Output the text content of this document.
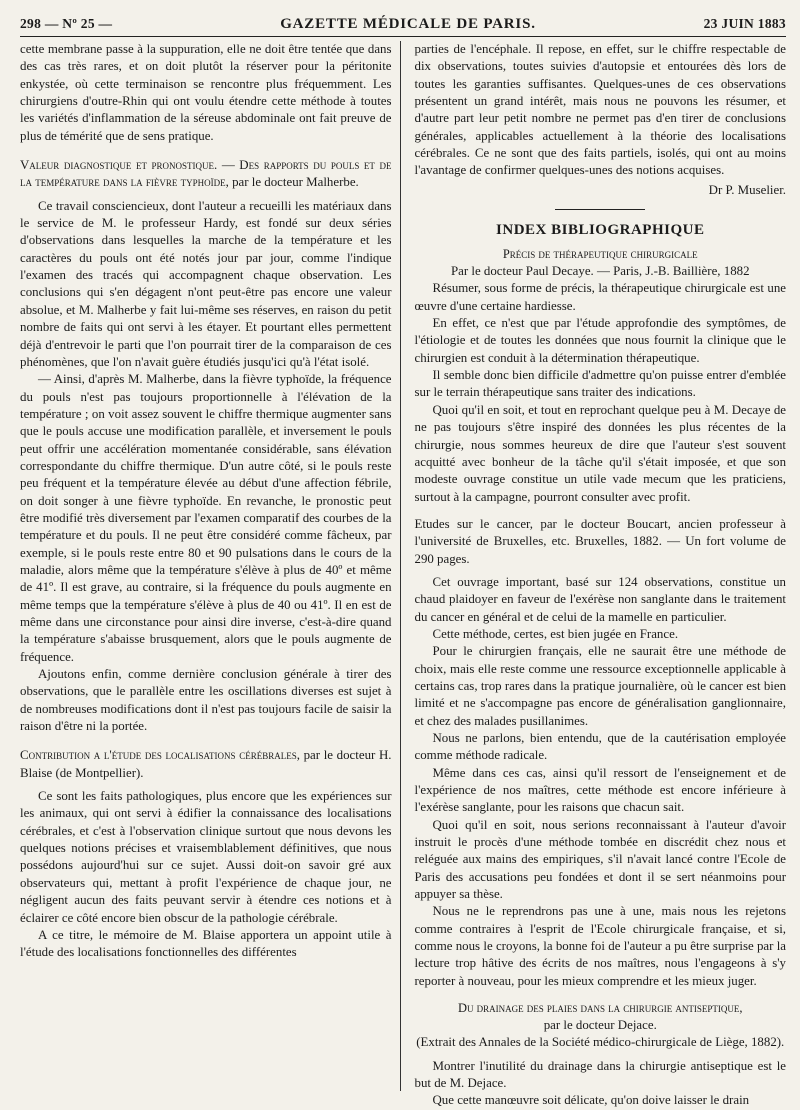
298 — Nº 25 —	GAZETTE MÉDICALE DE PARIS.	23 JUIN 1883

cette membrane passe à la suppuration, elle ne doit être tentée que dans des cas très rares, et on doit plutôt la réserver pour la péritonite enkystée, où cette terminaison se rencontre plus fréquemment. Les chirurgiens d'outre-Rhin qui ont voulu étendre cette méthode à toutes les variétés d'inflammation de la séreuse abdominale ont fait preuve de plus de témérité que de sens pratique.

Valeur diagnostique et pronostique. — Des rapports du pouls et de la température dans la fièvre typhoïde, par le docteur Malherbe.

Ce travail consciencieux, dont l'auteur a recueilli les matériaux dans le service de M. le professeur Hardy, est fondé sur deux séries d'observations dans lesquelles la marche de la température et les caractères du pouls ont été notés jour par jour, comme l'indique l'examen des tracés qui accompagnent chaque observation. Les conclusions qui s'en dégagent n'ont peut-être pas encore une valeur absolue, et M. Malherbe y fait lui-même ses réserves, en raison du petit nombre de faits qui ont servi à les étayer. Et pourtant elles permettent déjà d'entrevoir le parti que l'on pourrait tirer de la comparaison de ces phénomènes, que l'on n'avait guère étudiés jusqu'ici qu'à l'état isolé.

— Ainsi, d'après M. Malherbe, dans la fièvre typhoïde, la fréquence du pouls n'est pas toujours proportionnelle à l'élévation de la température ; on voit assez souvent le chiffre thermique augmenter sans que le pouls accuse une modification parallèle, et inversement le pouls peut offrir une accélération momentanée considérable, sans élévation correspondante du chiffre thermique. D'un autre côté, si le pouls reste peu fréquent et la température élevée au début d'une affection fébrile, on doit songer à une fièvre typhoïde. En revanche, le pronostic peut être modifié très diversement par l'examen comparatif des courbes de la température et du pouls. Il ne peut être considéré comme fâcheux, par exemple, si le pouls reste entre 80 et 90 pulsations dans le cours de la maladie, alors même que la température s'élève à plus de 40º et même de 41º. Il est grave, au contraire, si la fréquence du pouls augmente en même temps que la température s'élève à plus de 40 ou 41º. Il en est de même dans une circonstance pour ainsi dire inverse, c'est-à-dire quand la température s'abaisse brusquement, alors que le pouls augmente de fréquence.

Ajoutons enfin, comme dernière conclusion générale à tirer des observations, que le parallèle entre les oscillations diverses est sujet à de nombreuses modifications dont il n'est pas toujours facile de saisir la raison d'être ni la portée.

Contribution a l'étude des localisations cérébrales, par le docteur H. Blaise (de Montpellier).

Ce sont les faits pathologiques, plus encore que les expériences sur les animaux, qui ont servi à édifier la connaissance des localisations cérébrales, et c'est à l'observation clinique surtout que nous devons les quelques notions précises et vraisemblablement définitives, que nous possédons aujourd'hui sur ce sujet. Aussi doit-on savoir gré aux observateurs qui, mettant à profit l'expérience de chaque jour, ne négligent aucun des faits peuvant servir à étendre ces notions et à éclairer ce côté encore bien obscur de la pathologie cérébrale.

A ce titre, le mémoire de M. Blaise apportera un appoint utile à l'étude des localisations fonctionnelles des différentes

parties de l'encéphale. Il repose, en effet, sur le chiffre respectable de dix observations, toutes suivies d'autopsie et entourées dès lors de toutes les garanties suffisantes. Quelques-unes de ces observations présentent un grand intérêt, mais nous ne pouvons les résumer, et d'autre part leur petit nombre ne permet pas d'en tirer de conclusions générales, applicables actuellement à la théorie des localisations cérébrales. Ce ne sont que des faits partiels, isolés, qui ont au moins l'avantage de confirmer quelques-unes des notions acquises.

Dr P. Muselier.

INDEX BIBLIOGRAPHIQUE

Précis de thérapeutique chirurgicale

Par le docteur Paul Decaye. — Paris, J.-B. Baillière, 1882

Résumer, sous forme de précis, la thérapeutique chirurgicale est une œuvre d'une certaine hardiesse.

En effet, ce n'est que par l'étude approfondie des symptômes, de l'étiologie et de toutes les données que nous fournit la clinique que le chirurgien est conduit à la détermination thérapeutique.

Il semble donc bien difficile d'admettre qu'on puisse entrer d'emblée sur le terrain thérapeutique sans traiter des indications.

Quoi qu'il en soit, et tout en reprochant quelque peu à M. Decaye de ne pas toujours s'être inspiré des données les plus récentes de la chirurgie, nous sommes heureux de dire que l'auteur s'est souvent acquitté avec bonheur de la tâche qu'il s'était imposée, et que son modeste ouvrage constitue un utile vade mecum que les praticiens, surtout à la campagne, pourront consulter avec profit.

Etudes sur le cancer, par le docteur Boucart, ancien professeur à l'université de Bruxelles, etc. Bruxelles, 1882. — Un fort volume de 290 pages.

Cet ouvrage important, basé sur 124 observations, constitue un chaud plaidoyer en faveur de l'exérèse non sanglante dans le traitement du cancer en général et de celui de la mamelle en particulier.

Cette méthode, certes, est bien jugée en France.

Pour le chirurgien français, elle ne saurait être une méthode de choix, mais elle reste comme une ressource exceptionnelle applicable à certains cas, trop rares dans la pratique journalière, où le cancer est bien limité et ne s'accompagne pas encore de généralisation ganglionnaire, et chez des malades pusillanimes.

Nous ne parlons, bien entendu, que de la cautérisation employée comme méthode radicale.

Même dans ces cas, ainsi qu'il ressort de l'enseignement et de l'expérience de nos maîtres, cette méthode est encore inférieure à l'exérèse sanglante, pour les raisons que chacun sait.

Quoi qu'il en soit, nous serions reconnaissant à l'auteur d'avoir instruit le procès d'une méthode tombée en discrédit chez nous et reléguée aux mains des empiriques, s'il n'avait lancé contre l'Ecole de Paris des accusations peu fondées et dont il se sert néanmoins pour appuyer sa thèse.

Nous ne le reprendrons pas une à une, mais nous les rejetons comme contraires à l'esprit de l'Ecole chirurgicale française, et si, comme nous le croyons, la bonne foi de l'auteur a pu être surprise par la lecture trop hâtive des écrits de nos maîtres, nous l'engageons à s'y reporter à nouveau, pour les mieux comprendre et les mieux juger.

Du drainage des plaies dans la chirurgie antiseptique,

par le docteur Dejace.

(Extrait des Annales de la Société médico-chirurgicale de Liège, 1882).

Montrer l'inutilité du drainage dans la chirurgie antiseptique est le but de M. Dejace.

Que cette manœuvre soit délicate, qu'on doive laisser le drain
